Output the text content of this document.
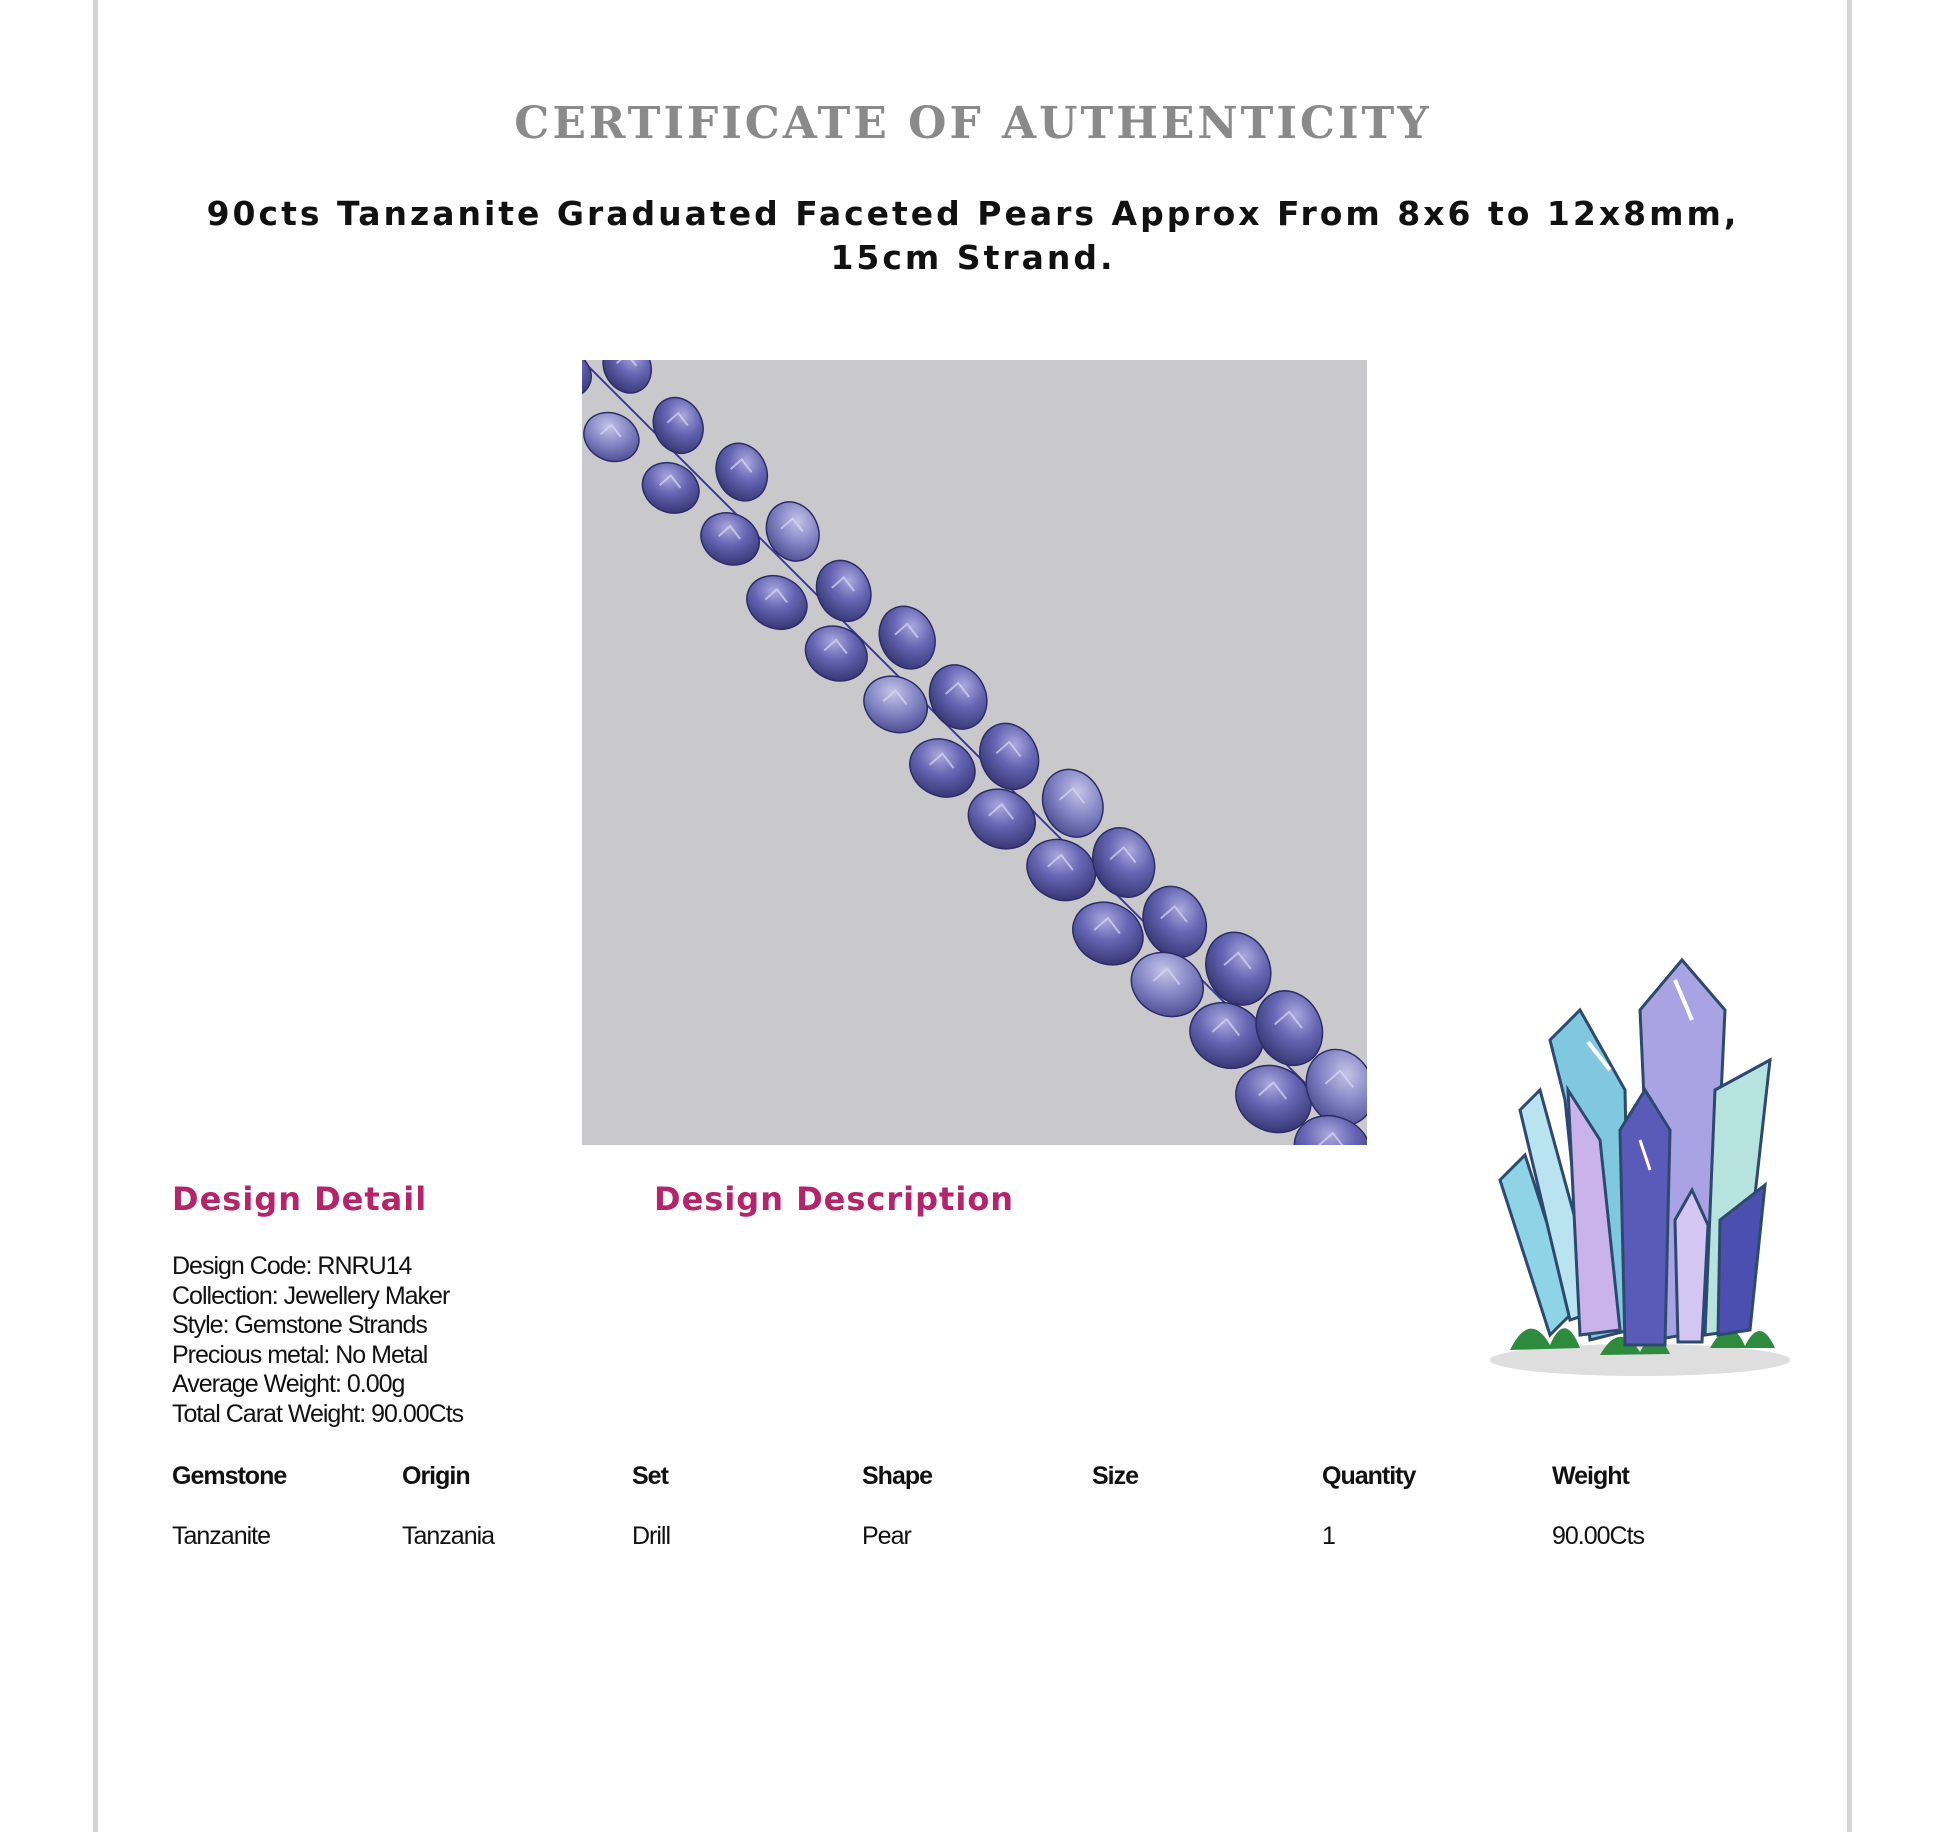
CERTIFICATE OF AUTHENTICITY
90cts Tanzanite Graduated Faceted Pears Approx From 8x6 to 12x8mm, 15cm Strand.
Design Detail	Design Description
Design Code: RNRU14
Collection: Jewellery Maker
Style: Gemstone Strands
Precious metal: No Metal
Average Weight: 0.00g
Total Carat Weight: 90.00Cts
Gemstone	Origin	Set	Shape	Size	Quantity	Weight
Tanzanite	Tanzania	Drill	Pear		1	90.00Cts
